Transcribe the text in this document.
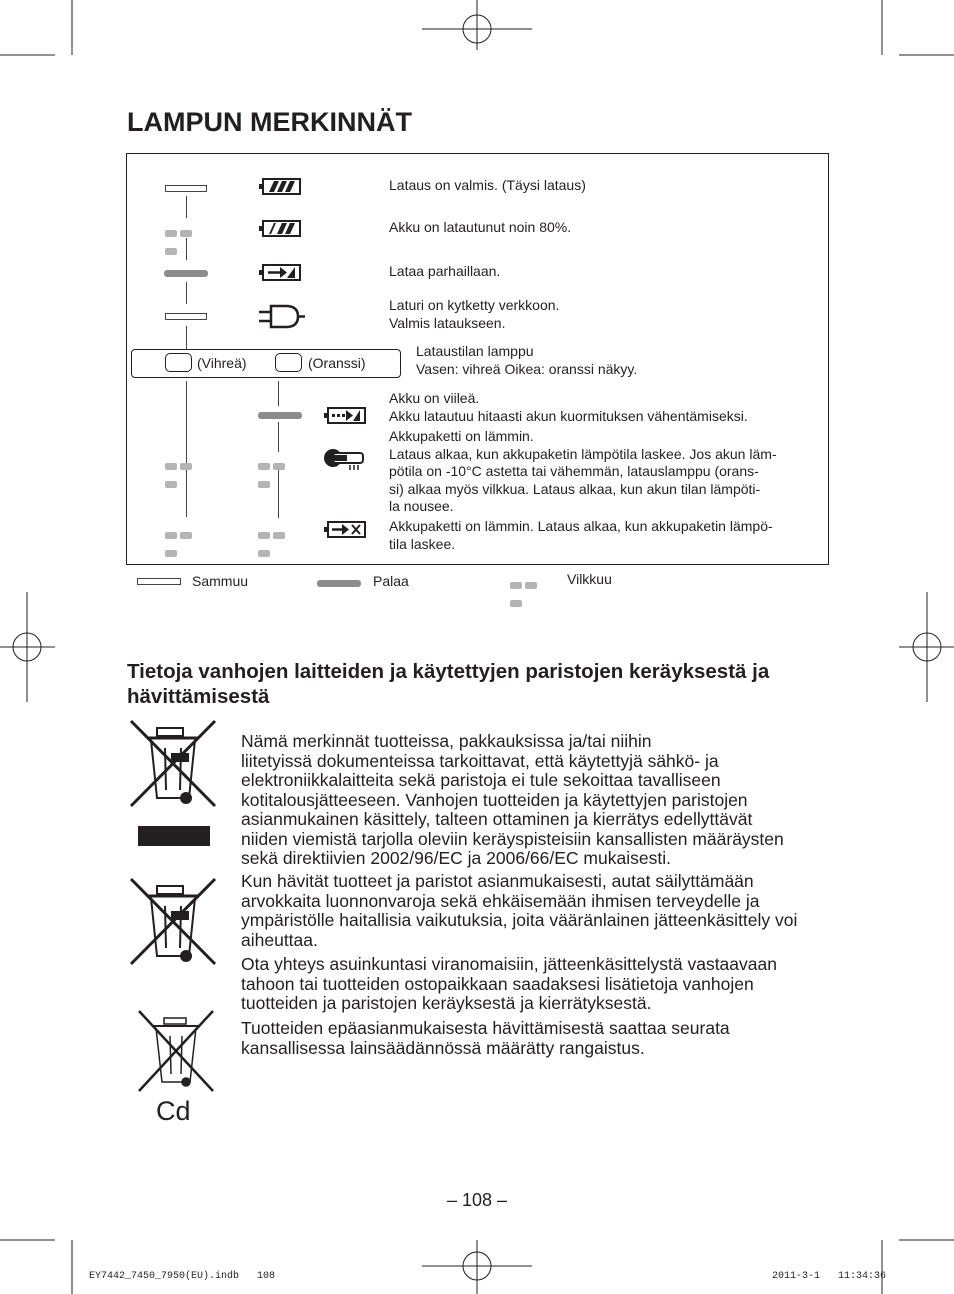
LAMPUN MERKINNÄT
Lataus on valmis. (Täysi lataus)
Akku on latautunut noin 80%.
Lataa parhaillaan.
Laturi on kytketty verkkoon.
Valmis lataukseen.
(Vihreä)	(Oranssi)
Lataustilan lamppu
Vasen: vihreä Oikea: oranssi näkyy.
Akku on viileä.
Akku latautuu hitaasti akun kuormituksen vähentämiseksi.
Akkupaketti on lämmin.
Lataus alkaa, kun akkupaketin lämpötila laskee. Jos akun läm-
pötila on -10°C astetta tai vähemmän, latauslamppu (orans-
si) alkaa myös vilkkua. Lataus alkaa, kun akun tilan lämpöti-
la nousee.
Akkupaketti on lämmin. Lataus alkaa, kun akkupaketin lämpö-
tila laskee.
Sammuu	Palaa	Vilkkuu
Tietoja vanhojen laitteiden ja käytettyjen paristojen keräyksestä ja hävittämisestä
Cd
Nämä merkinnät tuotteissa, pakkauksissa ja/tai niihin
liitetyissä dokumenteissa tarkoittavat, että käytettyjä sähkö- ja
elektroniikkalaitteita sekä paristoja ei tule sekoittaa tavalliseen
kotitalousjätteeseen. Vanhojen tuotteiden ja käytettyjen paristojen
asianmukainen käsittely, talteen ottaminen ja kierrätys edellyttävät
niiden viemistä tarjolla oleviin keräyspisteisiin kansallisten määräysten
sekä direktiivien 2002/96/EC ja 2006/66/EC mukaisesti.
Kun hävität tuotteet ja paristot asianmukaisesti, autat säilyttämään
arvokkaita luonnonvaroja sekä ehkäisemään ihmisen terveydelle ja
ympäristölle haitallisia vaikutuksia, joita vääränlainen jätteenkäsittely voi
aiheuttaa.
Ota yhteys asuinkuntasi viranomaisiin, jätteenkäsittelystä vastaavaan
tahoon tai tuotteiden ostopaikkaan saadaksesi lisätietoja vanhojen
tuotteiden ja paristojen keräyksestä ja kierrätyksestä.
Tuotteiden epäasianmukaisesta hävittämisestä saattaa seurata
kansallisessa lainsäädännössä määrätty rangaistus.
– 108 –
EY7442_7450_7950(EU).indb   108	2011-3-1   11:34:36
